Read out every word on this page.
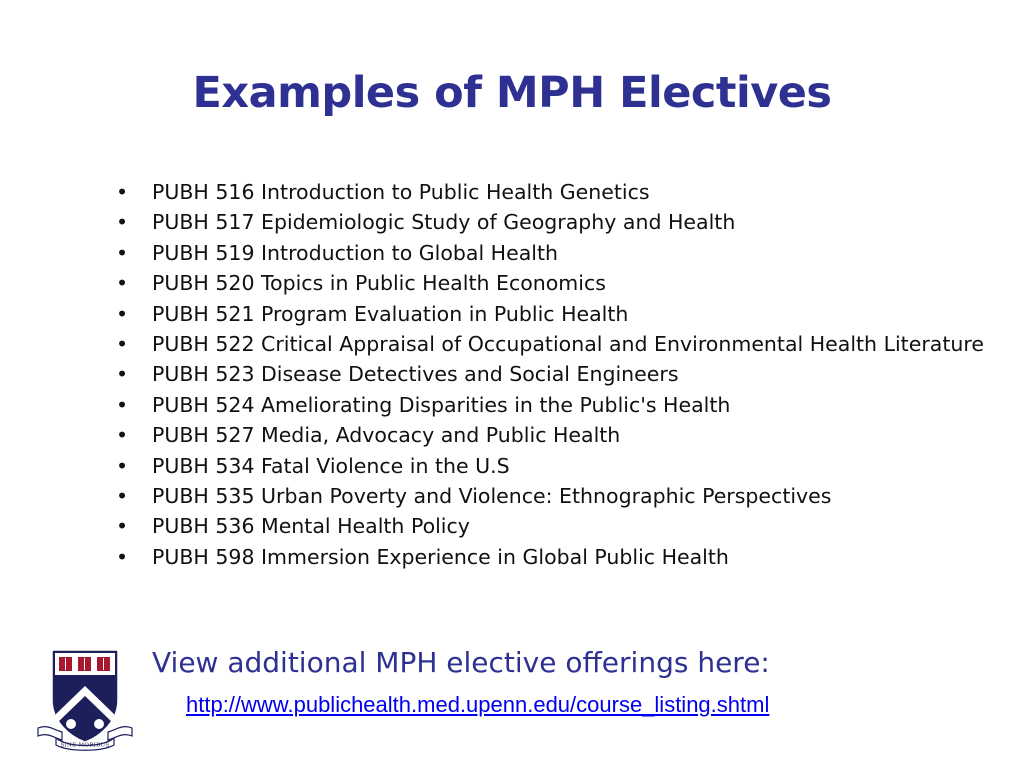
Examples of MPH Electives
• PUBH 516 Introduction to Public Health Genetics
• PUBH 517 Epidemiologic Study of Geography and Health
• PUBH 519 Introduction to Global Health
• PUBH 520 Topics in Public Health Economics
• PUBH 521 Program Evaluation in Public Health
• PUBH 522 Critical Appraisal of Occupational and Environmental Health Literature
• PUBH 523 Disease Detectives and Social Engineers
• PUBH 524 Ameliorating Disparities in the Public's Health
• PUBH 527 Media, Advocacy and Public Health
• PUBH 534 Fatal Violence in the U.S
• PUBH 535 Urban Poverty and Violence: Ethnographic Perspectives
• PUBH 536 Mental Health Policy
• PUBH 598 Immersion Experience in Global Public Health
SINE MORIBUS
View additional MPH elective offerings here:
http://www.publichealth.med.upenn.edu/course_listing.shtml
